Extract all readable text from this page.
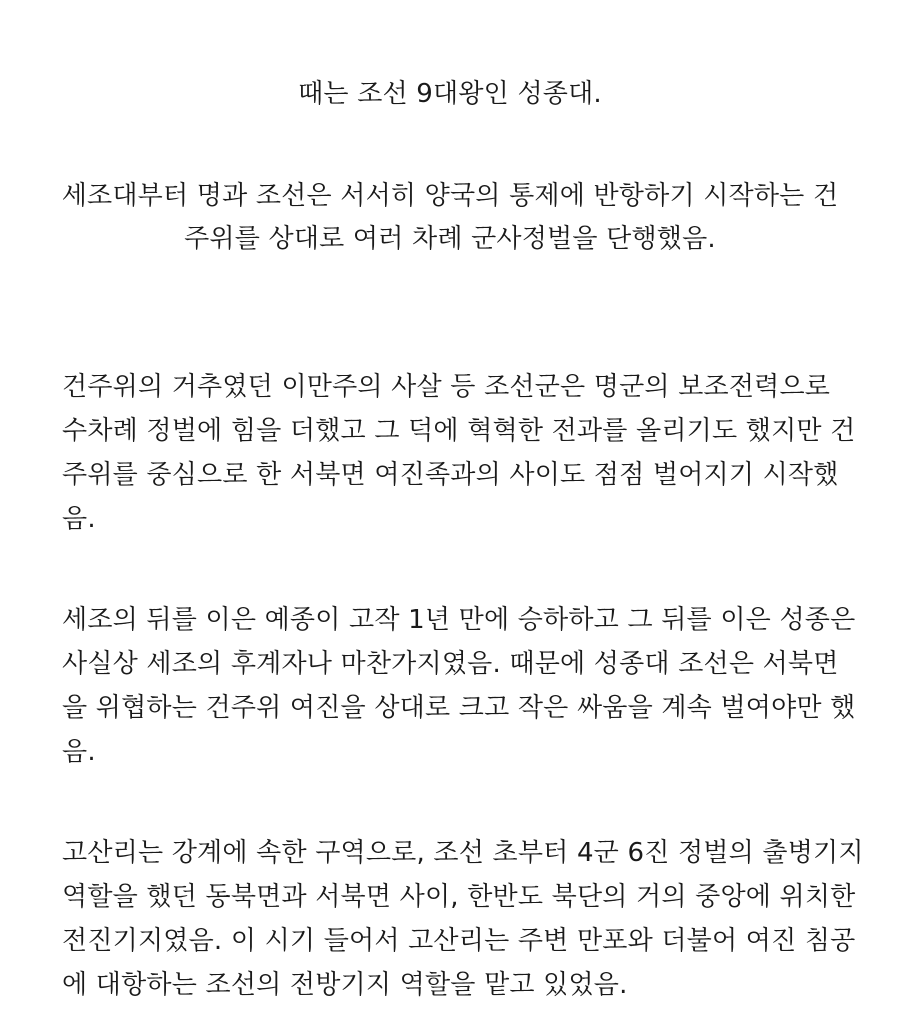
때는 조선 9대왕인 성종대.
세조대부터 명과 조선은 서서히 양국의 통제에 반항하기 시작하는 건
주위를 상대로 여러 차례 군사정벌을 단행했음.
건주위의 거추였던 이만주의 사살 등 조선군은 명군의 보조전력으로
수차례 정벌에 힘을 더했고 그 덕에 혁혁한 전과를 올리기도 했지만 건
주위를 중심으로 한 서북면 여진족과의 사이도 점점 벌어지기 시작했
음.
세조의 뒤를 이은 예종이 고작 1년 만에 승하하고 그 뒤를 이은 성종은
사실상 세조의 후계자나 마찬가지였음. 때문에 성종대 조선은 서북면
을 위협하는 건주위 여진을 상대로 크고 작은 싸움을 계속 벌여야만 했
음.
고산리는 강계에 속한 구역으로, 조선 초부터 4군 6진 정벌의 출병기지
역할을 했던 동북면과 서북면 사이, 한반도 북단의 거의 중앙에 위치한
전진기지였음. 이 시기 들어서 고산리는 주변 만포와 더불어 여진 침공
에 대항하는 조선의 전방기지 역할을 맡고 있었음.
